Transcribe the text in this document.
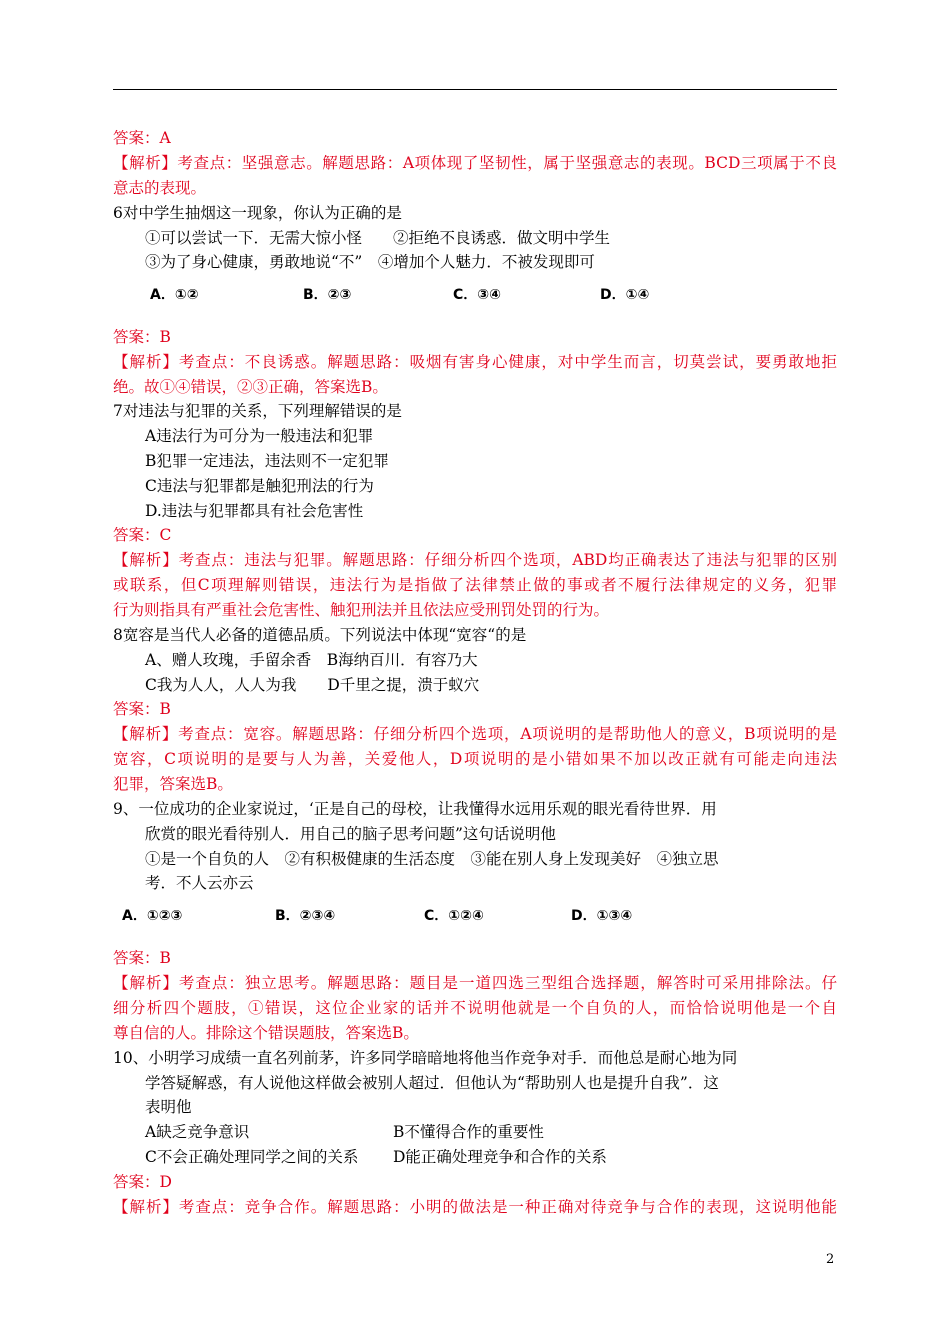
答案：A
【解析】考查点：坚强意志。解题思路：A项体现了坚韧性，属于坚强意志的表现。BCD三项属于不良
意志的表现。
6对中学生抽烟这一现象，你认为正确的是
①可以尝试一下．无需大惊小怪　　②拒绝不良诱惑．做文明中学生
③为了身心健康，勇敢地说“不”　④增加个人魅力．不被发现即可
A．①②	B．②③	C．③④	D．①④
答案：B
【解析】考查点：不良诱惑。解题思路：吸烟有害身心健康，对中学生而言，切莫尝试，要勇敢地拒
绝。故①④错误，②③正确，答案选B。
7对违法与犯罪的关系，下列理解错误的是
A违法行为可分为一般违法和犯罪
B犯罪一定违法，违法则不一定犯罪
C违法与犯罪都是触犯刑法的行为
D.违法与犯罪都具有社会危害性
答案：C
【解析】考查点：违法与犯罪。解题思路：仔细分析四个选项，ABD均正确表达了违法与犯罪的区别
或联系，但C项理解则错误，违法行为是指做了法律禁止做的事或者不履行法律规定的义务，犯罪
行为则指具有严重社会危害性、触犯刑法并且依法应受刑罚处罚的行为。
8宽容是当代人必备的道德品质。下列说法中体现“宽容“的是
A、赠人玫瑰，手留余香　B海纳百川．有容乃大
C我为人人，人人为我　　D千里之提，溃于蚁穴
答案：B
【解析】考查点：宽容。解题思路：仔细分析四个选项，A项说明的是帮助他人的意义，B项说明的是
宽容，C项说明的是要与人为善，关爱他人，D项说明的是小错如果不加以改正就有可能走向违法
犯罪，答案选B。
9、一位成功的企业家说过，‘正是自己的母校，让我懂得水远用乐观的眼光看待世界．用
欣赏的眼光看待别人．用自己的脑子思考问题”这句话说明他
①是一个自负的人　②有积极健康的生活态度　③能在别人身上发现美好　④独立思
考．不人云亦云
A．①②③	B．②③④	C．①②④	D．①③④
答案：B
【解析】考查点：独立思考。解题思路：题目是一道四选三型组合选择题，解答时可采用排除法。仔
细分析四个题肢，①错误，这位企业家的话并不说明他就是一个自负的人，而恰恰说明他是一个自
尊自信的人。排除这个错误题肢，答案选B。
10、小明学习成绩一直名列前茅，许多同学暗暗地将他当作竞争对手．而他总是耐心地为同
学答疑解惑，有人说他这样做会被别人超过．但他认为“帮助别人也是提升自我”．这
表明他
A缺乏竞争意识	B不懂得合作的重要性
C不会正确处理同学之间的关系 D能正确处理竞争和合作的关系
答案：D
【解析】考查点：竞争合作。解题思路：小明的做法是一种正确对待竞争与合作的表现，这说明他能
2
